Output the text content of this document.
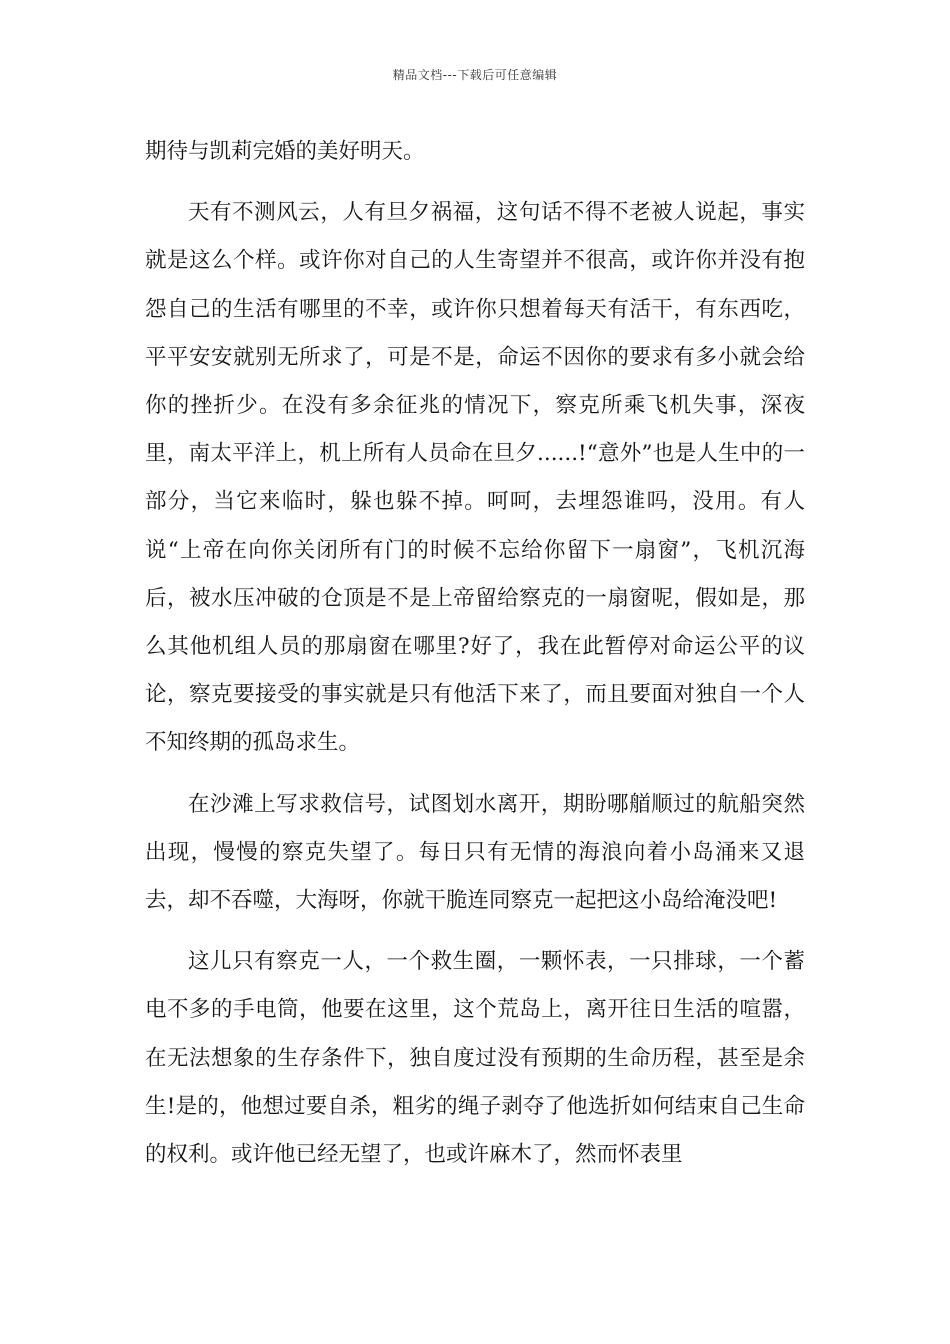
精品文档---下载后可任意编辑

期待与凯莉完婚的美好明天。

天有不测风云，人有旦夕祸福，这句话不得不老被人说起，事实就是这么个样。或许你对自己的人生寄望并不很高，或许你并没有抱怨自己的生活有哪里的不幸，或许你只想着每天有活干，有东西吃，平平安安就别无所求了，可是不是，命运不因你的要求有多小就会给你的挫折少。在没有多余征兆的情况下，察克所乘飞机失事，深夜里，南太平洋上，机上所有人员命在旦夕......!“意外”也是人生中的一部分，当它来临时，躲也躲不掉。呵呵，去埋怨谁吗，没用。有人说“上帝在向你关闭所有门的时候不忘给你留下一扇窗”，飞机沉海后，被水压冲破的仓顶是不是上帝留给察克的一扇窗呢，假如是，那么其他机组人员的那扇窗在哪里?好了，我在此暂停对命运公平的议论，察克要接受的事实就是只有他活下来了，而且要面对独自一个人不知终期的孤岛求生。

在沙滩上写求救信号，试图划水离开，期盼哪艏顺过的航船突然出现，慢慢的察克失望了。每日只有无情的海浪向着小岛涌来又退去，却不吞噬，大海呀，你就干脆连同察克一起把这小岛给淹没吧!

这儿只有察克一人，一个救生圈，一颗怀表，一只排球，一个蓄电不多的手电筒，他要在这里，这个荒岛上，离开往日生活的喧嚣，在无法想象的生存条件下，独自度过没有预期的生命历程，甚至是余生!是的，他想过要自杀，粗劣的绳子剥夺了他选折如何结束自己生命的权利。或许他已经无望了，也或许麻木了，然而怀表里
